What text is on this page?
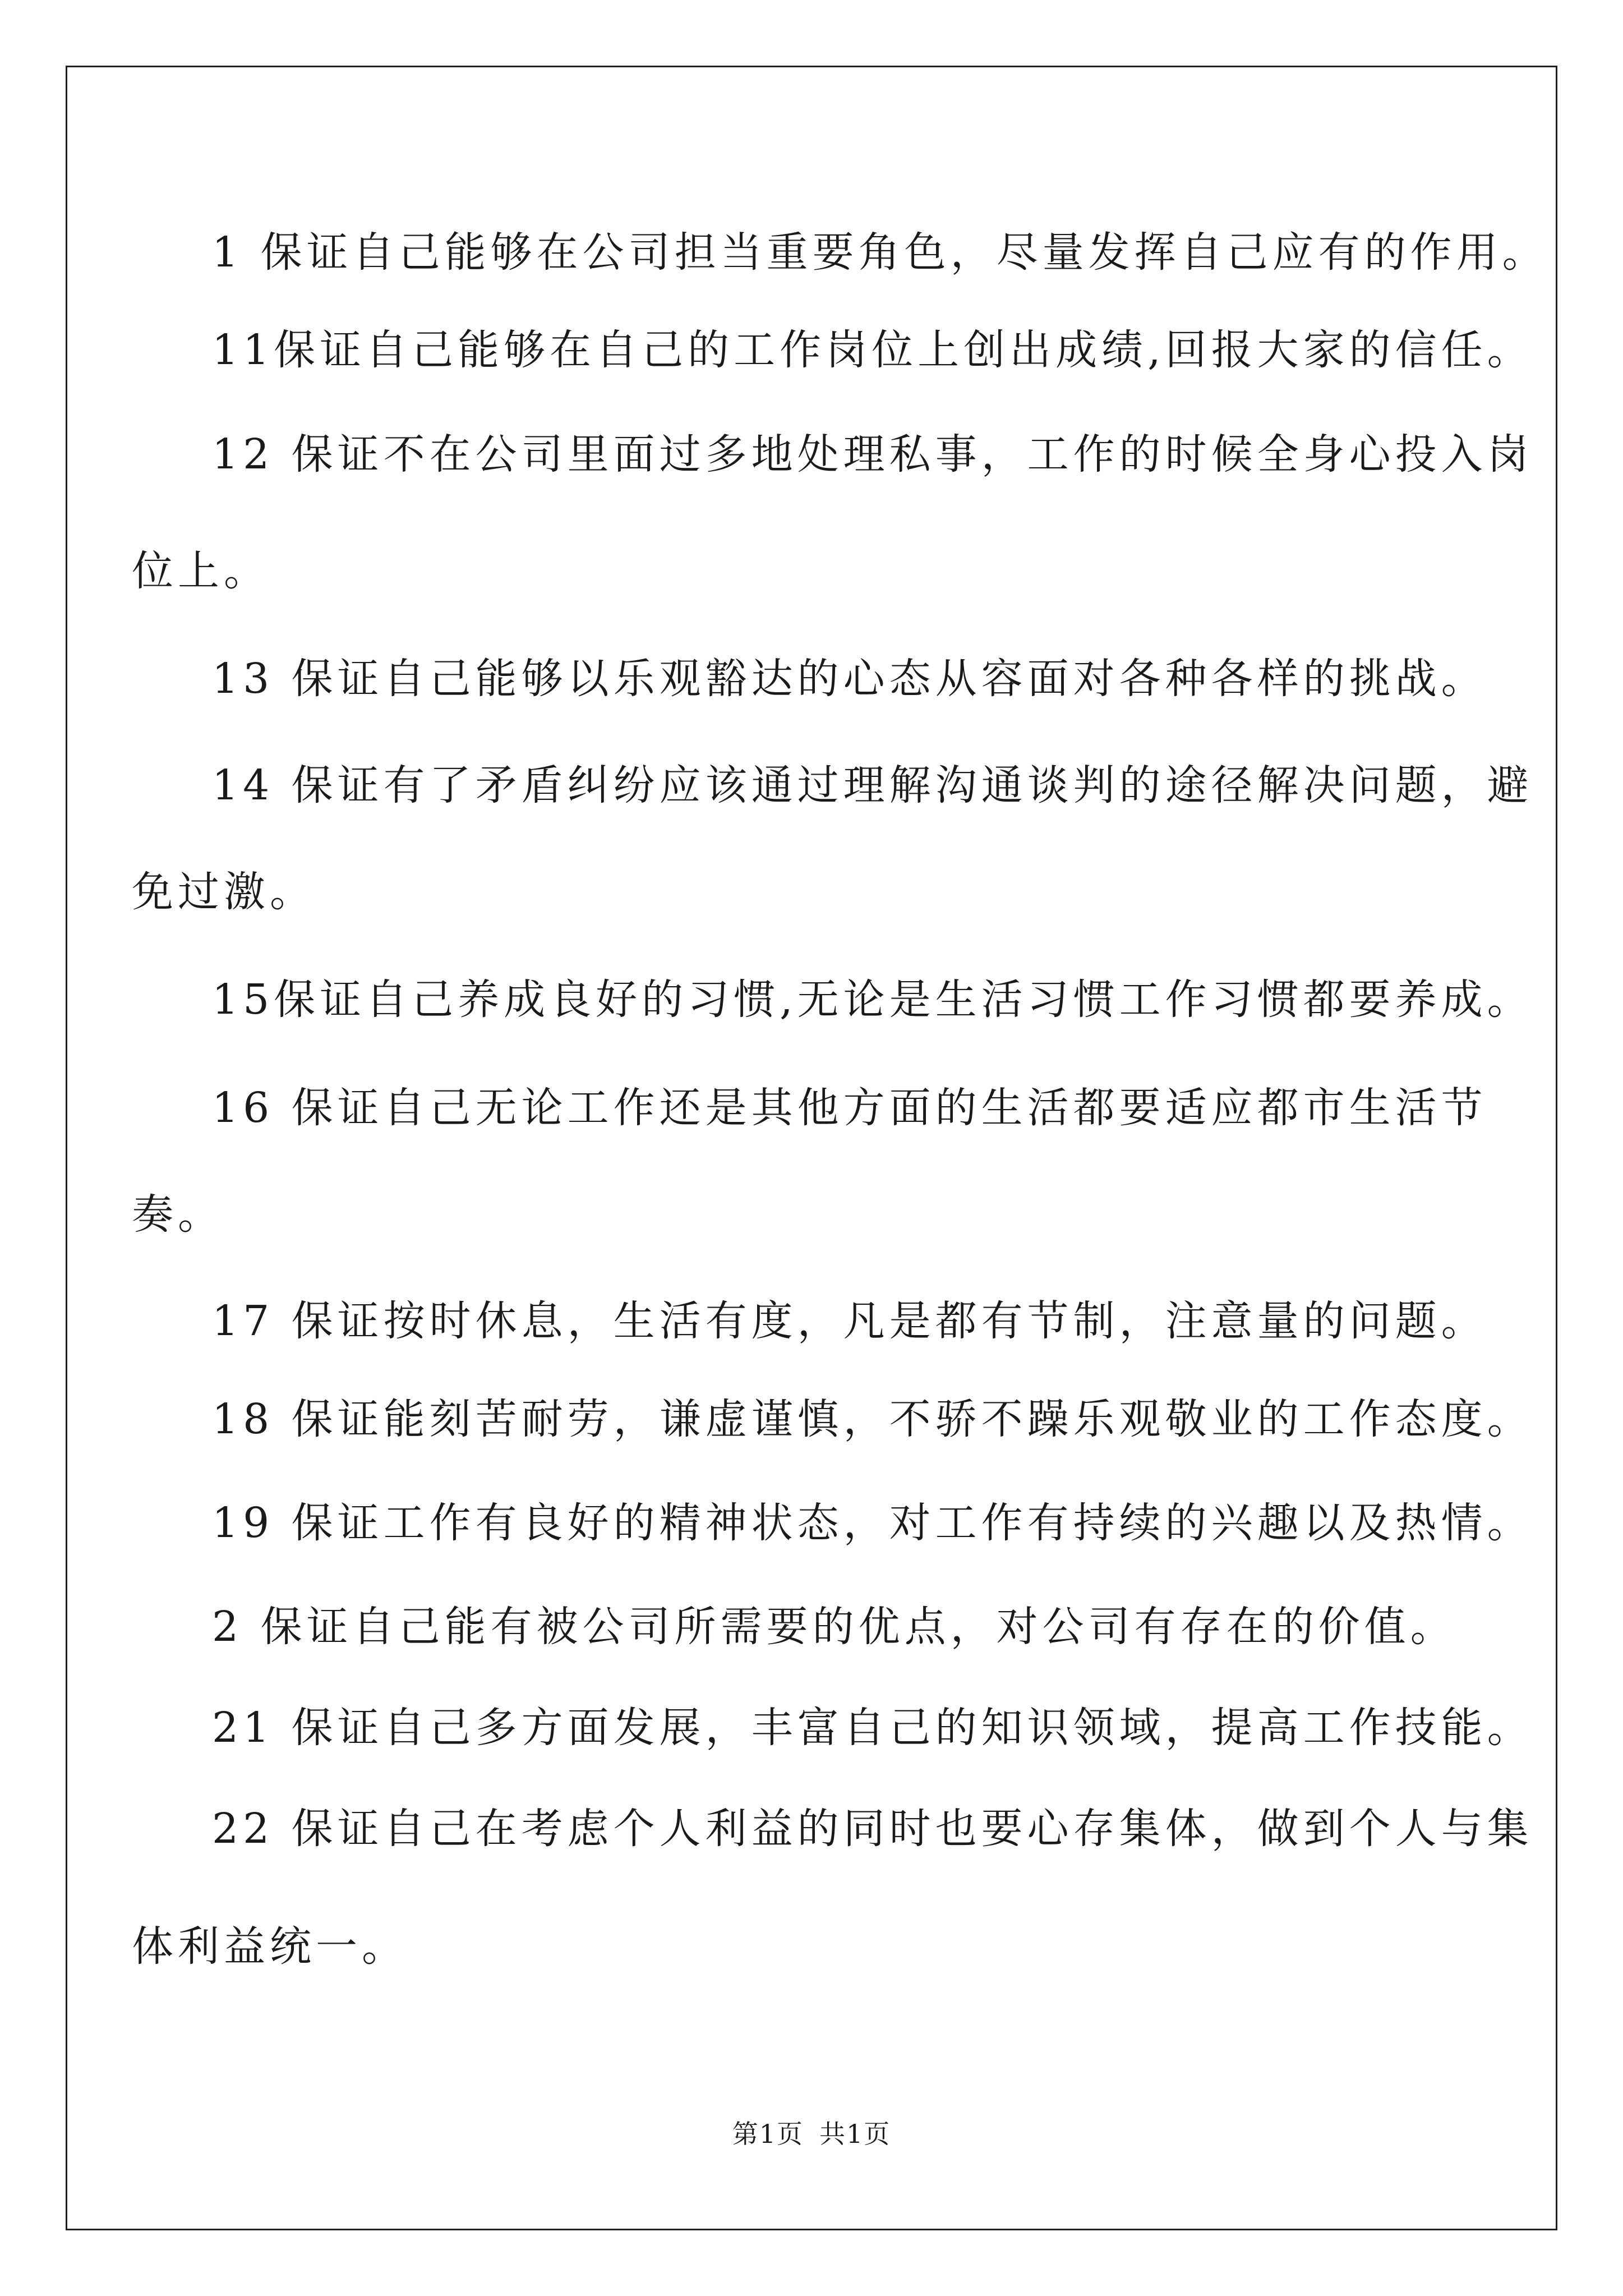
1 保证自己能够在公司担当重要角色，尽量发挥自己应有的作用。
11保证自己能够在自己的工作岗位上创出成绩,回报大家的信任。
12 保证不在公司里面过多地处理私事，工作的时候全身心投入岗
位上。
13 保证自己能够以乐观豁达的心态从容面对各种各样的挑战。
14 保证有了矛盾纠纷应该通过理解沟通谈判的途径解决问题，避
免过激。
15保证自己养成良好的习惯,无论是生活习惯工作习惯都要养成。
16 保证自己无论工作还是其他方面的生活都要适应都市生活节
奏。
17 保证按时休息，生活有度，凡是都有节制，注意量的问题。
18 保证能刻苦耐劳，谦虚谨慎，不骄不躁乐观敬业的工作态度。
19 保证工作有良好的精神状态，对工作有持续的兴趣以及热情。
2 保证自己能有被公司所需要的优点，对公司有存在的价值。
21 保证自己多方面发展，丰富自己的知识领域，提高工作技能。
22 保证自己在考虑个人利益的同时也要心存集体，做到个人与集
体利益统一。
第1页 共1页
